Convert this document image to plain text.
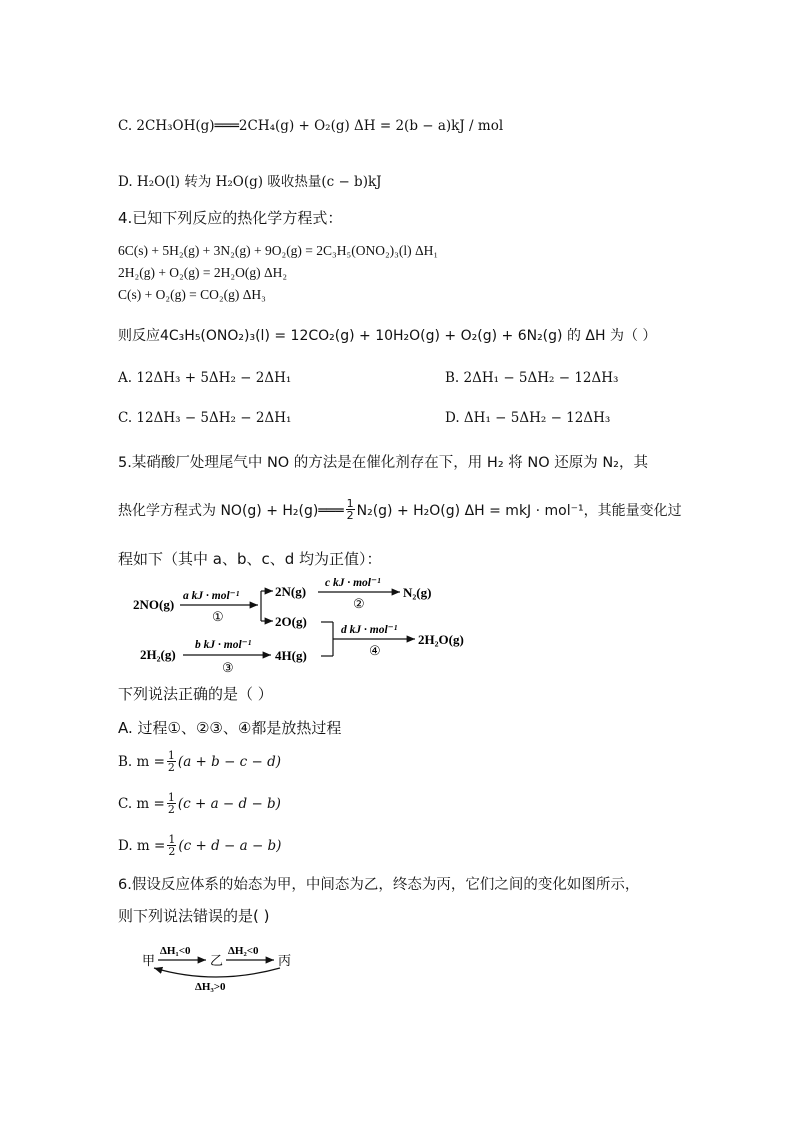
C. 2CH₃OH(g)═══2CH₄(g) + O₂(g) ΔH = 2(b − a)kJ / mol
D. H₂O(l) 转为 H₂O(g) 吸收热量(c − b)kJ
4.已知下列反应的热化学方程式：
6C(s) + 5H₂(g) + 3N₂(g) + 9O₂(g) = 2C₃H₅(ONO₂)₃(l) ΔH₁
2H₂(g) + O₂(g) = 2H₂O(g) ΔH₂
C(s) + O₂(g) = CO₂(g) ΔH₃
则反应4C₃H₅(ONO₂)₃(l) = 12CO₂(g) + 10H₂O(g) + O₂(g) + 6N₂(g) 的 ΔH 为（ ）
A. 12ΔH₃ + 5ΔH₂ − 2ΔH₁	B. 2ΔH₁ − 5ΔH₂ − 12ΔH₃
C. 12ΔH₃ − 5ΔH₂ − 2ΔH₁	D. ΔH₁ − 5ΔH₂ − 12ΔH₃
5.某硝酸厂处理尾气中 NO 的方法是在催化剂存在下，用 H₂ 将 NO 还原为 N₂，其
热化学方程式为 NO(g) + H₂(g)═══ $\frac{1}{2} N_2(g) + H_2O(g) \Delta H$ = mkJ · mol⁻¹，其能量变化过
程如下（其中 a、b、c、d 均为正值）：
2NO(g)
a kJ · mol⁻¹
①
2N(g)
2O(g)
c kJ · mol⁻¹
②
N₂(g)
2H₂(g)
b kJ · mol⁻¹
③
4H(g)
d kJ · mol⁻¹
④
2H₂O(g)
下列说法正确的是（ ）
A. 过程①、②③、④都是放热过程
B. $m = \frac{1}{2} (a + b - c - d)$
C. $m = \frac{1}{2} (c + a - d - b)$
D. $m = \frac{1}{2} (c + d - a - b)$
6.假设反应体系的始态为甲，中间态为乙，终态为丙，它们之间的变化如图所示，
则下列说法错误的是( )
甲
ΔH₁<0
乙
ΔH₂<0
丙
ΔH₃>0
